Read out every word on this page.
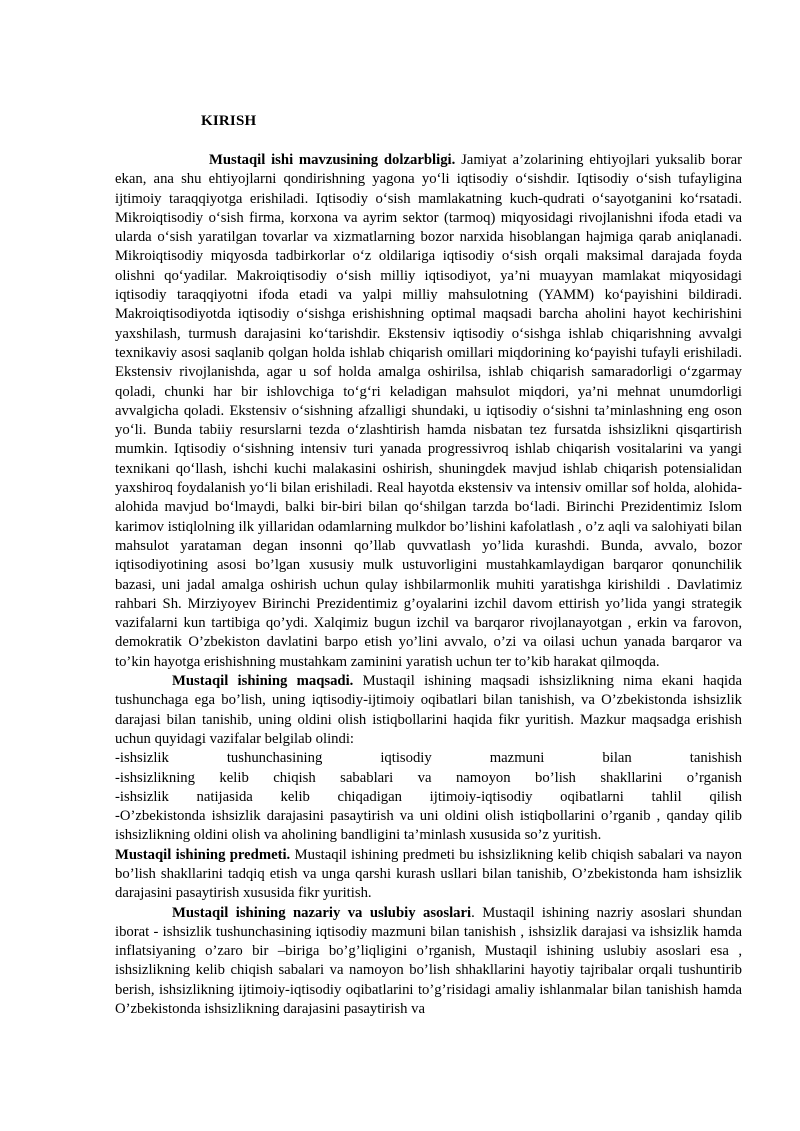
KIRISH

Mustaqil ishi mavzusining dolzarbligi. Jamiyat a’zolarining ehtiyojlari yuksalib borar ekan, ana shu ehtiyojlarni qondirishning yagona yo‘li iqtisodiy o‘sishdir. Iqtisodiy o‘sish tufayligina ijtimoiy taraqqiyotga erishiladi. Iqtisodiy o‘sish mamlakatning kuch-qudrati o‘sayotganini ko‘rsatadi. Mikroiqtisodiy o‘sish firma, korxona va ayrim sektor (tarmoq) miqyosidagi rivojlanishni ifoda etadi va ularda o‘sish yaratilgan tovarlar va xizmatlarning bozor narxida hisoblangan hajmiga qarab aniqlanadi. Mikroiqtisodiy miqyosda tadbirkorlar o‘z oldilariga iqtisodiy o‘sish orqali maksimal darajada foyda olishni qo‘yadilar. Makroiqtisodiy o‘sish milliy iqtisodiyot, ya’ni muayyan mamlakat miqyosidagi iqtisodiy taraqqiyotni ifoda etadi va yalpi milliy mahsulotning (YAMM) ko‘payishini bildiradi. Makroiqtisodiyotda iqtisodiy o‘sishga erishishning optimal maqsadi barcha aholini hayot kechirishini yaxshilash, turmush darajasini ko‘tarishdir. Ekstensiv iqtisodiy o‘sishga ishlab chiqarishning avvalgi texnikaviy asosi saqlanib qolgan holda ishlab chiqarish omillari miqdorining ko‘payishi tufayli erishiladi. Ekstensiv rivojlanishda, agar u sof holda amalga oshirilsa, ishlab chiqarish samaradorligi o‘zgarmay qoladi, chunki har bir ishlovchiga to‘g‘ri keladigan mahsulot miqdori, ya’ni mehnat unumdorligi avvalgicha qoladi. Ekstensiv o‘sishning afzalligi shundaki, u iqtisodiy o‘sishni ta’minlashning eng oson yo‘li. Bunda tabiiy resurslarni tezda o‘zlashtirish hamda nisbatan tez fursatda ishsizlikni qisqartirish mumkin. Iqtisodiy o‘sishning intensiv turi yanada progressivroq ishlab chiqarish vositalarini va yangi texnikani qo‘llash, ishchi kuchi malakasini oshirish, shuningdek mavjud ishlab chiqarish potensialidan yaxshiroq foydalanish yo‘li bilan erishiladi. Real hayotda ekstensiv va intensiv omillar sof holda, alohida-alohida mavjud bo‘lmaydi, balki bir-biri bilan qo‘shilgan tarzda bo‘ladi. Birinchi Prezidentimiz Islom karimov istiqlolning ilk yillaridan odamlarning mulkdor bo’lishini kafolatlash , o’z aqli va salohiyati bilan mahsulot yarataman degan insonni qo’llab quvvatlash yo’lida kurashdi. Bunda, avvalo, bozor iqtisodiyotining asosi bo’lgan xususiy mulk ustuvorligini mustahkamlaydigan barqaror qonunchilik bazasi, uni jadal amalga oshirish uchun qulay ishbilarmonlik muhiti yaratishga kirishildi . Davlatimiz rahbari Sh. Mirziyoyev Birinchi Prezidentimiz g’oyalarini izchil davom ettirish yo’lida yangi strategik vazifalarni kun tartibiga qo’ydi. Xalqimiz bugun izchil va barqaror rivojlanayotgan , erkin va farovon, demokratik O’zbekiston davlatini barpo etish yo’lini avvalo, o’zi va oilasi uchun yanada barqaror va to’kin hayotga erishishning mustahkam zaminini yaratish uchun ter to’kib harakat qilmoqda.

Mustaqil ishining maqsadi. Mustaqil ishining maqsadi ishsizlikning nima ekani haqida tushunchaga ega bo’lish, uning iqtisodiy-ijtimoiy oqibatlari bilan tanishish, va O’zbekistonda ishsizlik darajasi bilan tanishib, uning oldini olish istiqbollarini haqida fikr yuritish. Mazkur maqsadga erishish uchun quyidagi vazifalar belgilab olindi:

-ishsizlik tushunchasining iqtisodiy mazmuni bilan tanishish
-ishsizlikning kelib chiqish sabablari va namoyon bo’lish shakllarini o’rganish
-ishsizlik natijasida kelib chiqadigan ijtimoiy-iqtisodiy oqibatlarni tahlil qilish

-O’zbekistonda ishsizlik darajasini pasaytirish va uni oldini olish istiqbollarini o’rganib , qanday qilib ishsizlikning oldini olish va aholining bandligini ta’minlash xususida so’z yuritish.

Mustaqil ishining predmeti. Mustaqil ishining predmeti bu ishsizlikning kelib chiqish sabalari va nayon bo’lish shakllarini tadqiq etish va unga qarshi kurash usllari bilan tanishib, O’zbekistonda ham ishsizlik darajasini pasaytirish xususida fikr yuritish.

Mustaqil ishining nazariy va uslubiy asoslari. Mustaqil ishining nazriy asoslari shundan iborat - ishsizlik tushunchasining iqtisodiy mazmuni bilan tanishish , ishsizlik darajasi va ishsizlik hamda inflatsiyaning o’zaro bir –biriga bo’g’liqligini o’rganish, Mustaqil ishining uslubiy asoslari esa , ishsizlikning kelib chiqish sabalari va namoyon bo’lish shhakllarini hayotiy tajribalar orqali tushuntirib berish, ishsizlikning ijtimoiy-iqtisodiy oqibatlarini to’g’risidagi amaliy ishlanmalar bilan tanishish hamda O’zbekistonda ishsizlikning darajasini pasaytirish va
